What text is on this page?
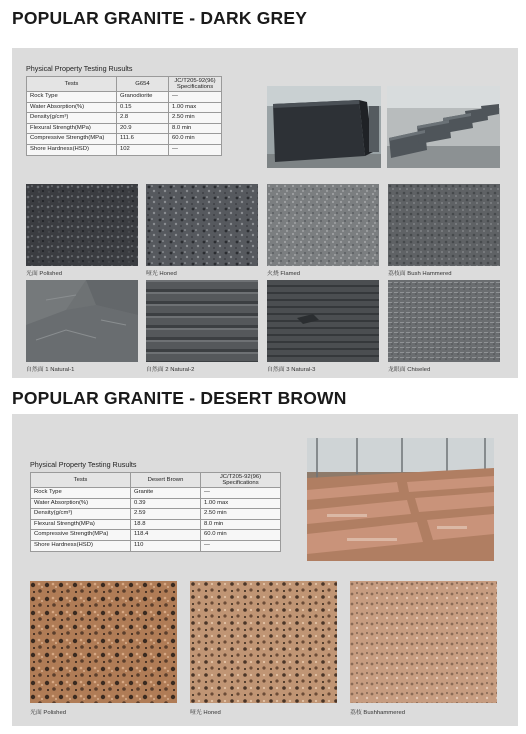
POPULAR GRANITE - DARK GREY
Physical Property Testing Rusults
Tests	G654	JC/T205-92(96)
Specifications
Rock Type	Granodiorite	—
Water Absorption(%)	0.15	1.00 max
Density(g/cm³)	2.8	2.50 min
Flexural Strength(MPa)	20.9	8.0 min
Compressive Strength(MPa)	111.6	60.0 min
Shore Hardness(HSD)	102	—
光面 Polished	哑光 Honed	火烧 Flamed	荔枝面 Bush Hammered
自然面 1 Natural-1	自然面 2 Natural-2	自然面 3 Natural-3	龙眼面 Chiseled
POPULAR GRANITE - DESERT BROWN
Physical Property Testing Rusults
Tests	Desert Brown	JC/T205-92(96)
Specifications
Rock Type	Granite	—
Water Absorption(%)	0.39	1.00 max
Density(g/cm³)	2.59	2.50 min
Flexural Strength(MPa)	18.8	8.0 min
Compressive Strength(MPa)	118.4	60.0 min
Shore Hardness(HSD)	110	—
光面 Polished	哑光 Honed	荔枝 Bushhammered
